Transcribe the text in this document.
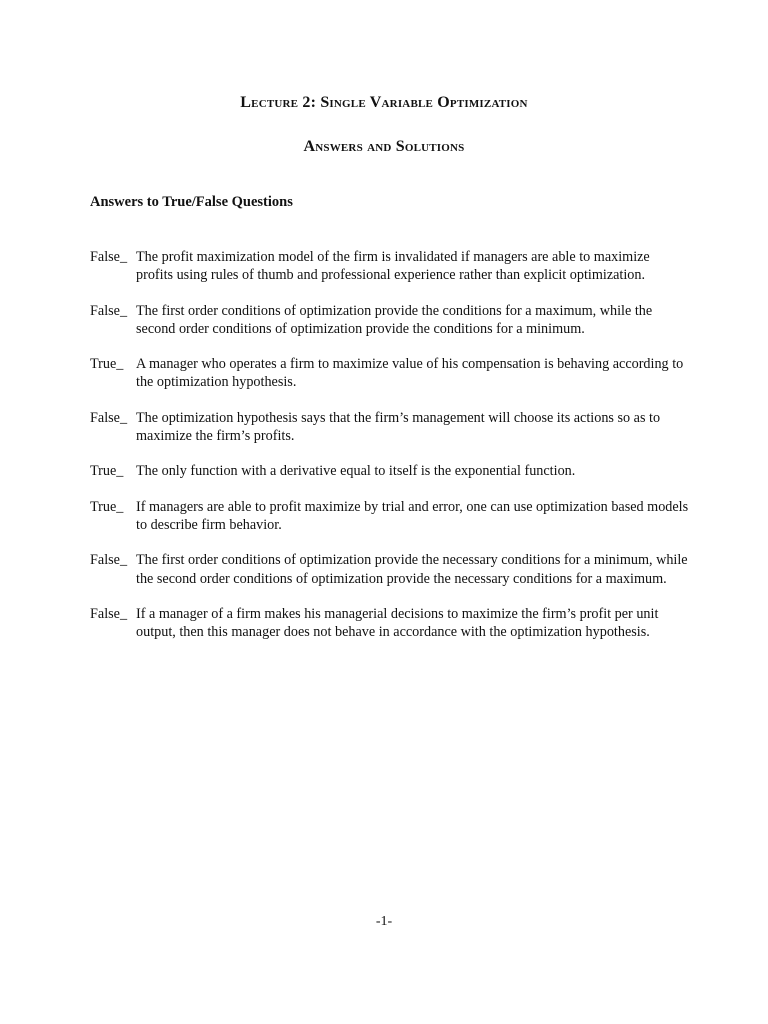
Lecture 2: Single Variable Optimization
Answers and Solutions
Answers to True/False Questions
False_ The profit maximization model of the firm is invalidated if managers are able to maximize profits using rules of thumb and professional experience rather than explicit optimization.
False_ The first order conditions of optimization provide the conditions for a maximum, while the second order conditions of optimization provide the conditions for a minimum.
True_ A manager who operates a firm to maximize value of his compensation is behaving according to the optimization hypothesis.
False_ The optimization hypothesis says that the firm’s management will choose its actions so as to maximize the firm’s profits.
True_ The only function with a derivative equal to itself is the exponential function.
True_ If managers are able to profit maximize by trial and error, one can use optimization based models to describe firm behavior.
False_ The first order conditions of optimization provide the necessary conditions for a minimum, while the second order conditions of optimization provide the necessary conditions for a maximum.
False_ If a manager of a firm makes his managerial decisions to maximize the firm’s profit per unit output, then this manager does not behave in accordance with the optimization hypothesis.
-1-
